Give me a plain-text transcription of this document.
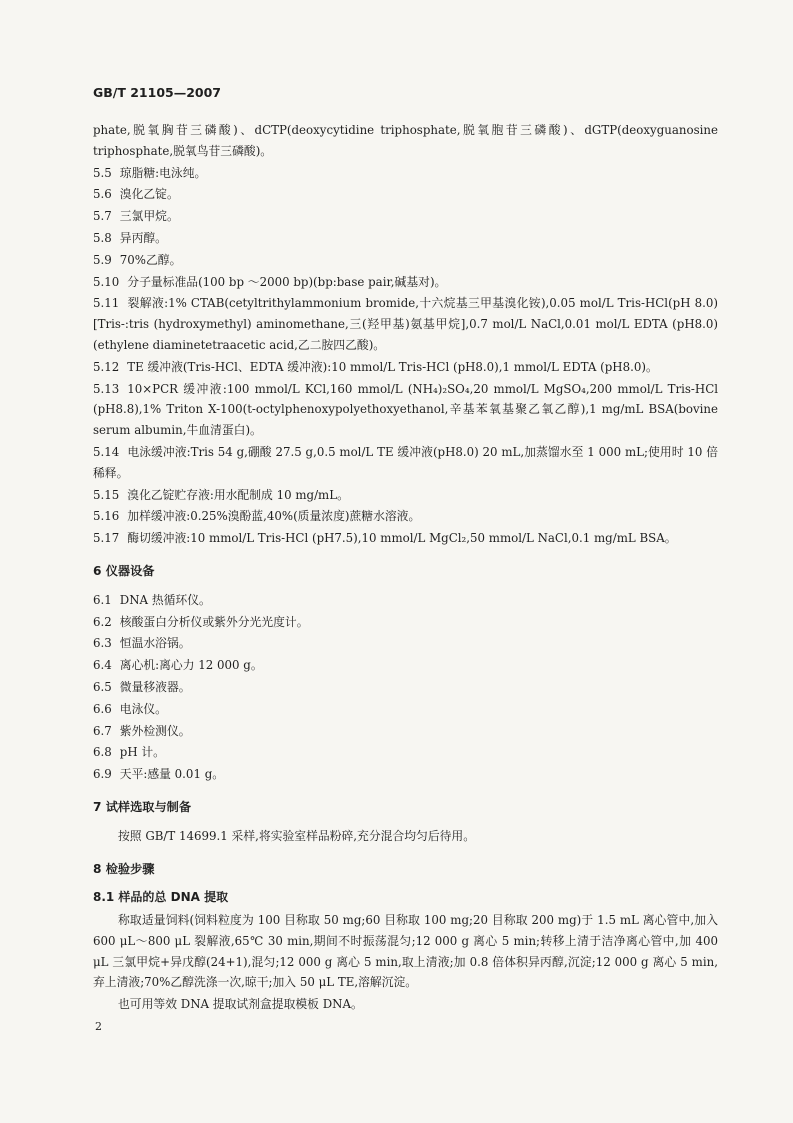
GB/T 21105—2007

phate,脱氧胸苷三磷酸)、dCTP(deoxycytidine triphosphate,脱氧胞苷三磷酸)、dGTP(deoxyguanosine triphosphate,脱氧鸟苷三磷酸)。

5.5 琼脂糖:电泳纯。

5.6 溴化乙锭。

5.7 三氯甲烷。

5.8 异丙醇。

5.9 70%乙醇。

5.10 分子量标准品(100 bp ～2000 bp)(bp:base pair,碱基对)。

5.11 裂解液:1% CTAB(cetyltrithylammonium bromide,十六烷基三甲基溴化铵),0.05 mol/L Tris-HCl(pH 8.0)[Tris-:tris (hydroxymethyl) aminomethane,三(羟甲基)氨基甲烷],0.7 mol/L NaCl,0.01 mol/L EDTA (pH8.0)(ethylene diaminetetraacetic acid,乙二胺四乙酸)。

5.12 TE 缓冲液(Tris-HCl、EDTA 缓冲液):10 mmol/L Tris-HCl (pH8.0),1 mmol/L EDTA (pH8.0)。

5.13 10×PCR 缓冲液:100 mmol/L KCl,160 mmol/L (NH₄)₂SO₄,20 mmol/L MgSO₄,200 mmol/L Tris-HCl (pH8.8),1% Triton X-100(t-octylphenoxypolyethoxyethanol,辛基苯氧基聚乙氧乙醇),1 mg/mL BSA(bovine serum albumin,牛血清蛋白)。

5.14 电泳缓冲液:Tris 54 g,硼酸 27.5 g,0.5 mol/L TE 缓冲液(pH8.0) 20 mL,加蒸馏水至 1 000 mL;使用时 10 倍稀释。

5.15 溴化乙锭贮存液:用水配制成 10 mg/mL。

5.16 加样缓冲液:0.25%溴酚蓝,40%(质量浓度)蔗糖水溶液。

5.17 酶切缓冲液:10 mmol/L Tris-HCl (pH7.5),10 mmol/L MgCl₂,50 mmol/L NaCl,0.1 mg/mL BSA。

6 仪器设备

6.1 DNA 热循环仪。

6.2 核酸蛋白分析仪或紫外分光光度计。

6.3 恒温水浴锅。

6.4 离心机:离心力 12 000 g。

6.5 微量移液器。

6.6 电泳仪。

6.7 紫外检测仪。

6.8 pH 计。

6.9 天平:感量 0.01 g。

7 试样选取与制备

按照 GB/T 14699.1 采样,将实验室样品粉碎,充分混合均匀后待用。

8 检验步骤
8.1 样品的总 DNA 提取

称取适量饲料(饲料粒度为 100 目称取 50 mg;60 目称取 100 mg;20 目称取 200 mg)于 1.5 mL 离心管中,加入 600 μL～800 μL 裂解液,65℃ 30 min,期间不时振荡混匀;12 000 g 离心 5 min;转移上清于洁净离心管中,加 400 μL 三氯甲烷+异戊醇(24+1),混匀;12 000 g 离心 5 min,取上清液;加 0.8 倍体积异丙醇,沉淀;12 000 g 离心 5 min,弃上清液;70%乙醇洗涤一次,晾干;加入 50 μL TE,溶解沉淀。

也可用等效 DNA 提取试剂盒提取模板 DNA。

2
